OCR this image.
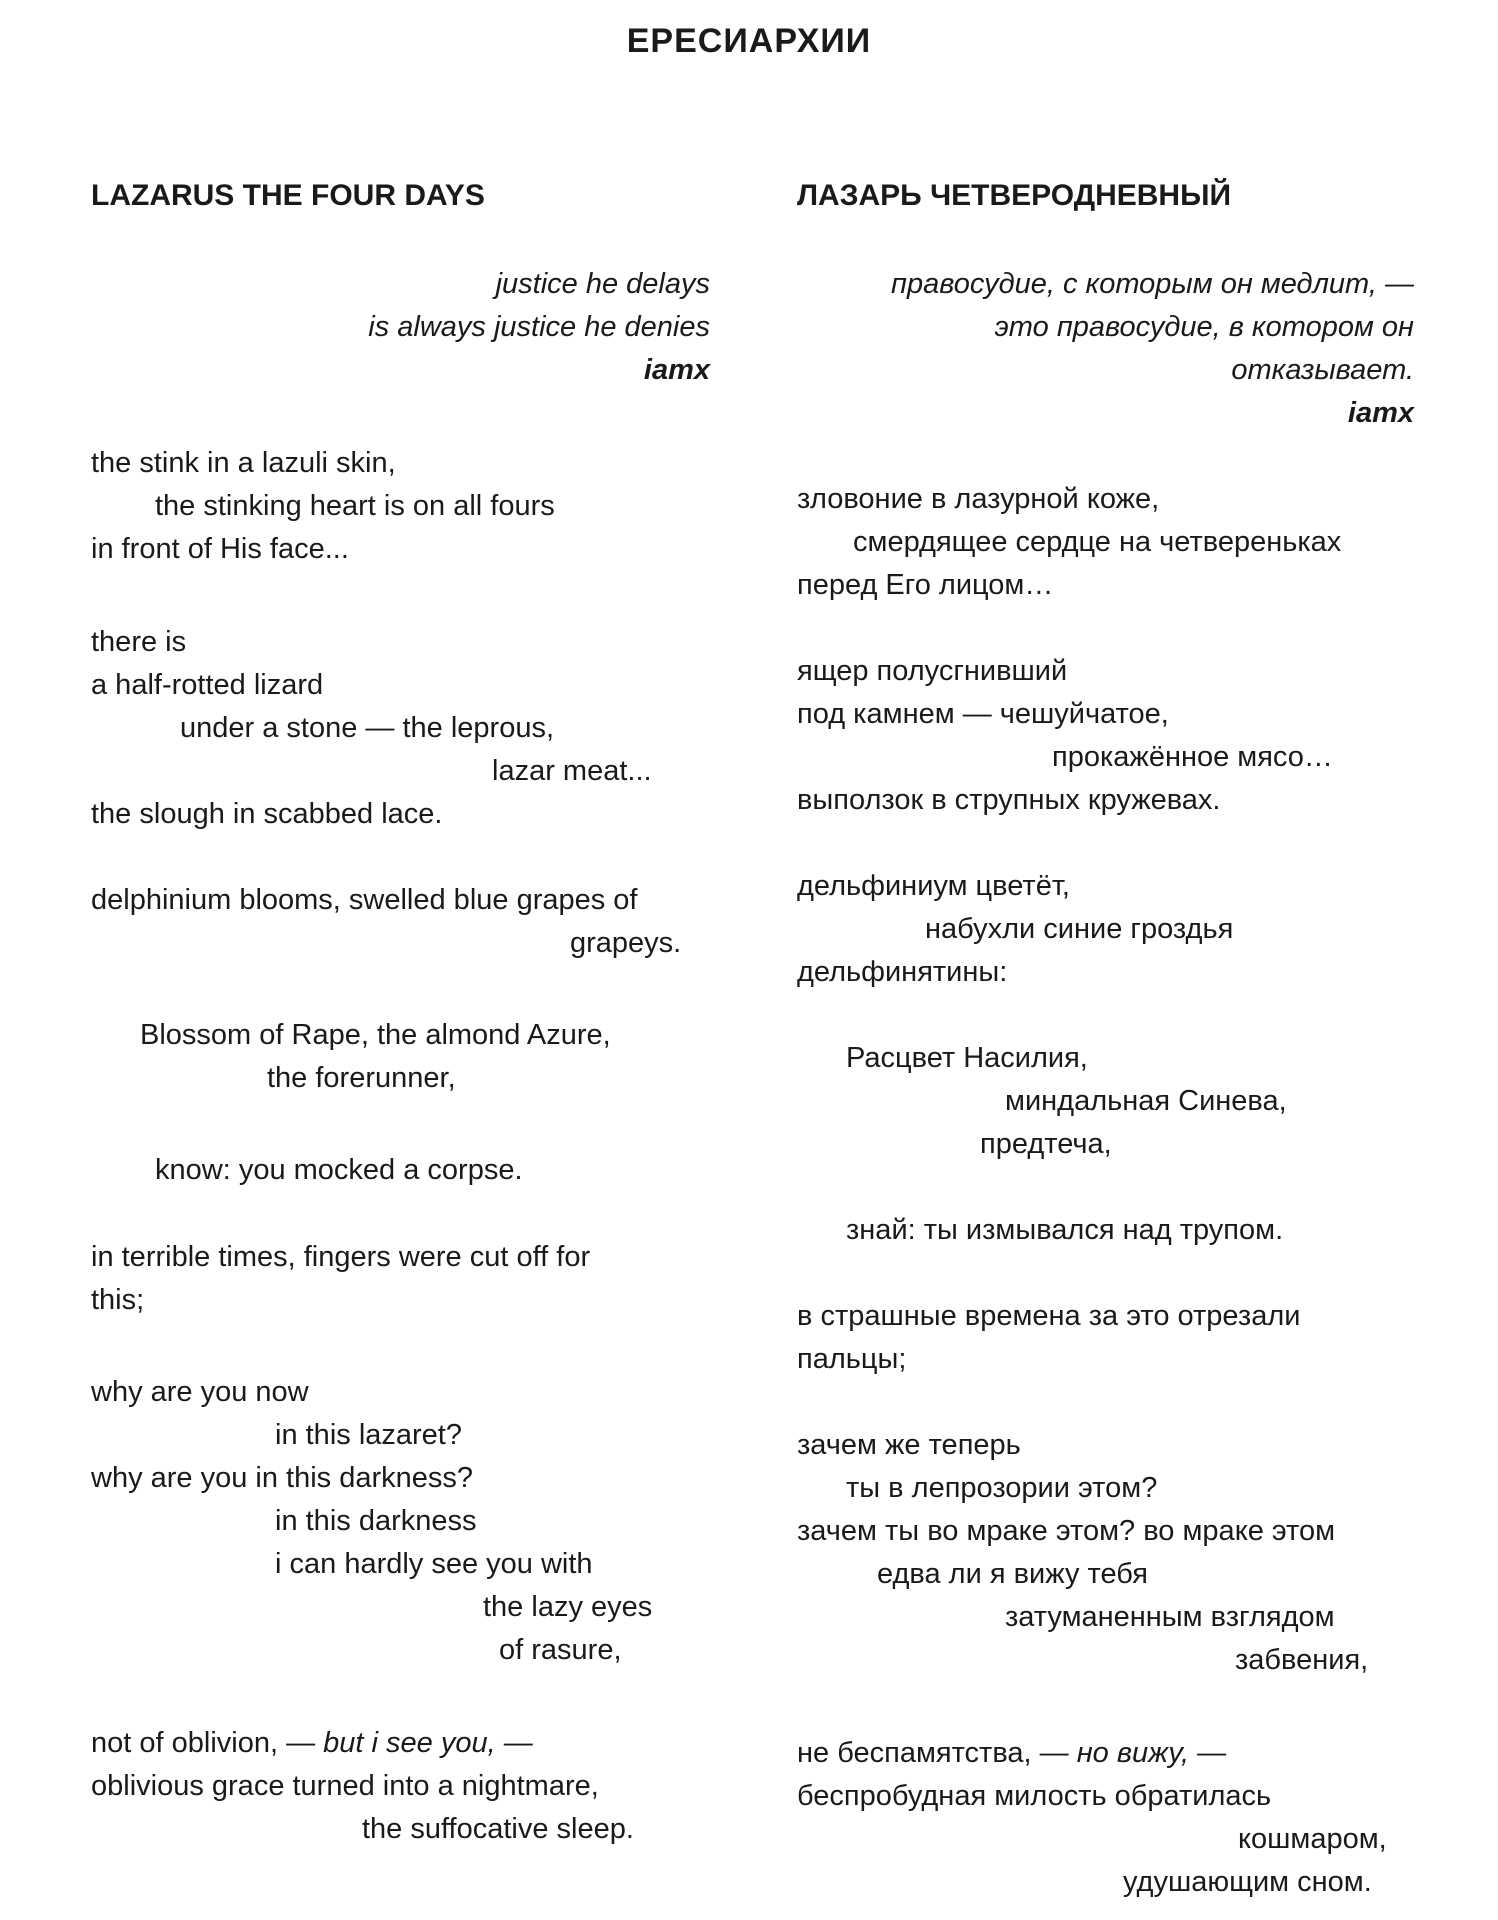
ЕРЕСИАРХИИ
LAZARUS THE FOUR DAYS
justice he delays
is always justice he denies
iamx
the stink in a lazuli skin,
the stinking heart is on all fours
in front of His face...
there is
a half-rotted lizard
under a stone — the leprous,
lazar meat...
the slough in scabbed lace.
delphinium blooms, swelled blue grapes of
grapeys.
Blossom of Rape, the almond Azure,
the forerunner,
know: you mocked a corpse.
in terrible times, fingers were cut off for
this;
why are you now
in this lazaret?
why are you in this darkness?
in this darkness
i can hardly see you with
the lazy eyes
of rasure,
not of oblivion, — but i see you, —
oblivious grace turned into a nightmare,
the suffocative sleep.
ЛАЗАРЬ ЧЕТВЕРОДНЕВНЫЙ
правосудие, с которым он медлит, —
это правосудие, в котором он
отказывает.
iamx
зловоние в лазурной коже,
смердящее сердце на четвереньках
перед Его лицом…
ящер полусгнивший
под камнем — чешуйчатое,
прокажённое мясо…
выползок в струпных кружевах.
дельфиниум цветёт,
набухли синие гроздья
дельфинятины:
Расцвет Насилия,
миндальная Синева,
предтеча,
знай: ты измывался над трупом.
в страшные времена за это отрезали
пальцы;
зачем же теперь
ты в лепрозории этом?
зачем ты во мраке этом? во мраке этом
едва ли я вижу тебя
затуманенным взглядом
забвения,
не беспамятства, — но вижу, —
беспробудная милость обратилась
кошмаром,
удушающим сном.
